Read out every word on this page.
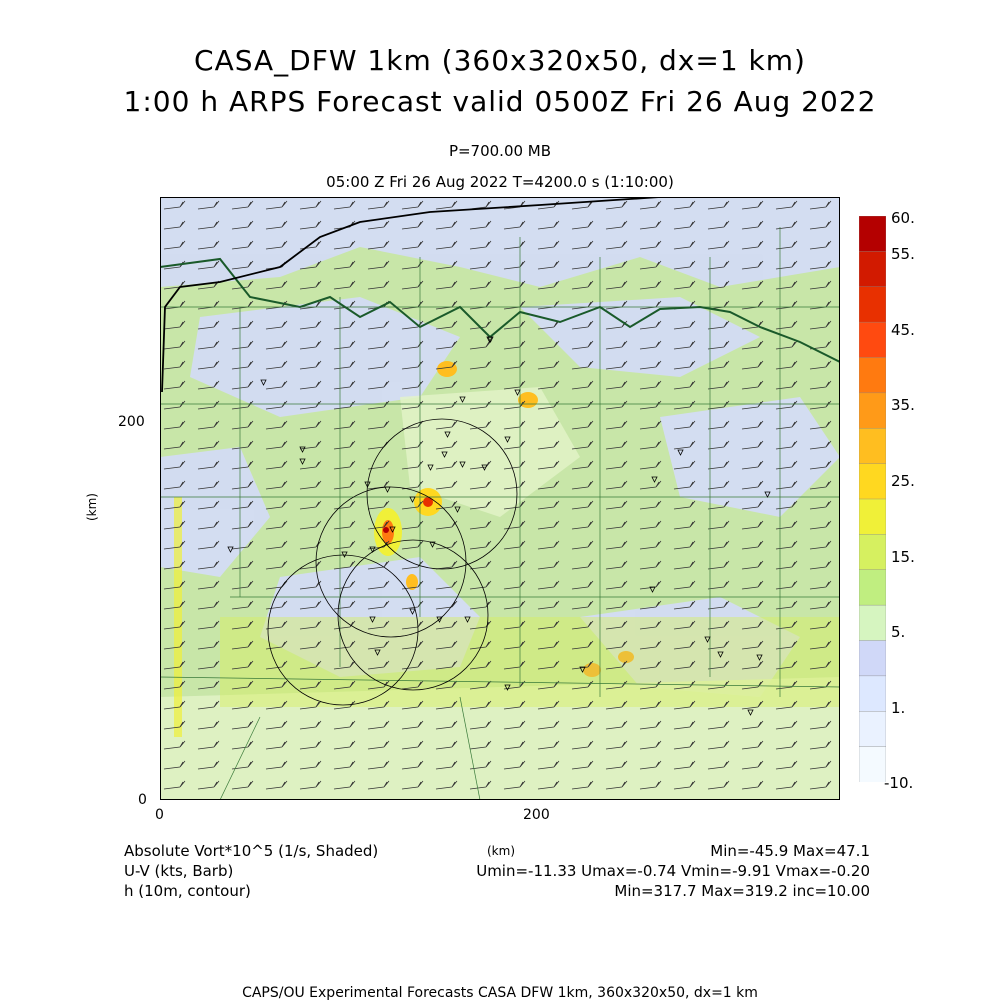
CASA_DFW 1km (360x320x50, dx=1 km)
1:00 h ARPS Forecast valid 0500Z Fri 26 Aug 2022
P=700.00 MB
05:00 Z Fri 26 Aug 2022 T=4200.0 s (1:10:00)
200
0
0	200
(km)
(km)
60.
55.
45.
35.
25.
15.
5.
1.
-10.
Absolute Vort*10^5 (1/s, Shaded)
U-V (kts, Barb)
h (10m, contour)
Min=-45.9 Max=47.1
Umin=-11.33 Umax=-0.74 Vmin=-9.91 Vmax=-0.20
Min=317.7 Max=319.2 inc=10.00
CAPS/OU Experimental Forecasts CASA DFW 1km, 360x320x50, dx=1 km
